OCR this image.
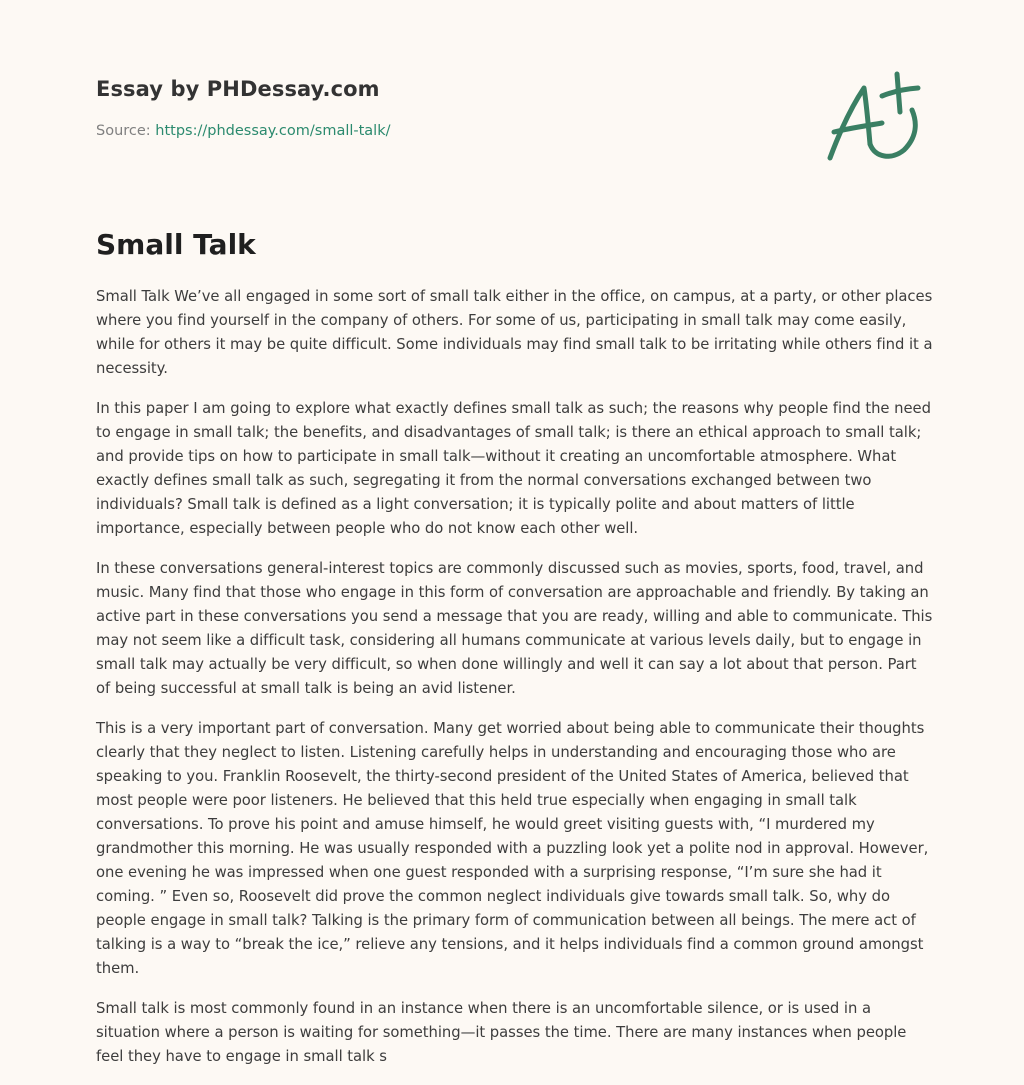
Essay by PHDessay.com
Source: https://phdessay.com/small-talk/
Small Talk

Small Talk We’ve all engaged in some sort of small talk either in the office, on campus, at a party, or other places where you find yourself in the company of others. For some of us, participating in small talk may come easily, while for others it may be quite difficult. Some individuals may find small talk to be irritating while others find it a necessity.

In this paper I am going to explore what exactly defines small talk as such; the reasons why people find the need to engage in small talk; the benefits, and disadvantages of small talk; is there an ethical approach to small talk; and provide tips on how to participate in small talk—without it creating an uncomfortable atmosphere. What exactly defines small talk as such, segregating it from the normal conversations exchanged between two individuals? Small talk is defined as a light conversation; it is typically polite and about matters of little importance, especially between people who do not know each other well.

In these conversations general-interest topics are commonly discussed such as movies, sports, food, travel, and music. Many find that those who engage in this form of conversation are approachable and friendly. By taking an active part in these conversations you send a message that you are ready, willing and able to communicate. This may not seem like a difficult task, considering all humans communicate at various levels daily, but to engage in small talk may actually be very difficult, so when done willingly and well it can say a lot about that person. Part of being successful at small talk is being an avid listener.

This is a very important part of conversation. Many get worried about being able to communicate their thoughts clearly that they neglect to listen. Listening carefully helps in understanding and encouraging those who are speaking to you. Franklin Roosevelt, the thirty-second president of the United States of America, believed that most people were poor listeners. He believed that this held true especially when engaging in small talk conversations. To prove his point and amuse himself, he would greet visiting guests with, “I murdered my grandmother this morning. He was usually responded with a puzzling look yet a polite nod in approval. However, one evening he was impressed when one guest responded with a surprising response, “I’m sure she had it coming. ” Even so, Roosevelt did prove the common neglect individuals give towards small talk. So, why do people engage in small talk? Talking is the primary form of communication between all beings. The mere act of talking is a way to “break the ice,” relieve any tensions, and it helps individuals find a common ground amongst them.

Small talk is most commonly found in an instance when there is an uncomfortable silence, or is used in a situation where a person is waiting for something—it passes the time. There are many instances when people feel they have to engage in small talk s
